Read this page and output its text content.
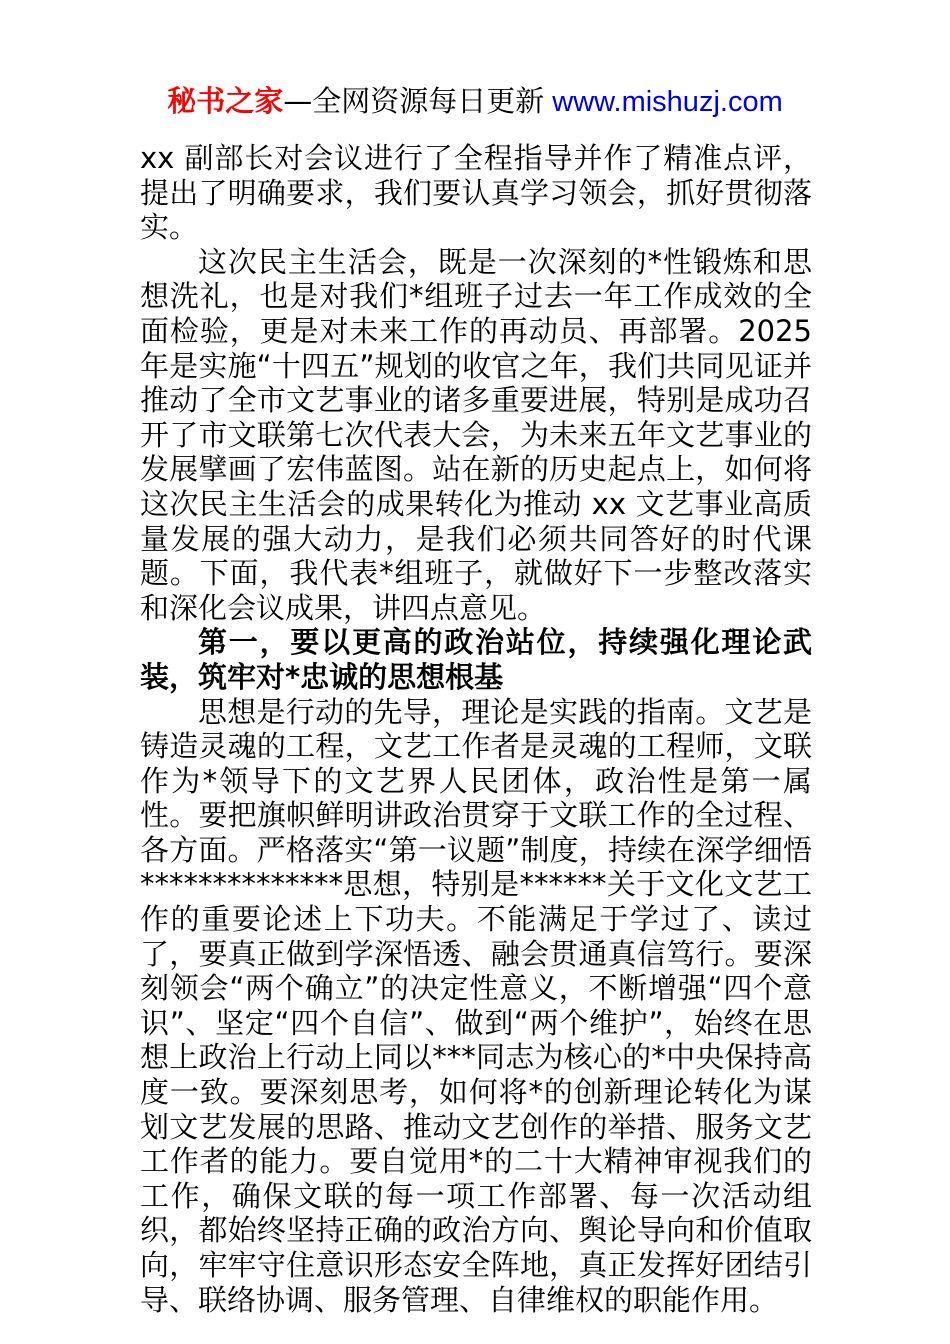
秘书之家—全网资源每日更新 www.mishuzj.com

xx 副部长对会议进行了全程指导并作了精准点评，提出了明确要求，我们要认真学习领会，抓好贯彻落实。

这次民主生活会，既是一次深刻的*性锻炼和思想洗礼，也是对我们*组班子过去一年工作成效的全面检验，更是对未来工作的再动员、再部署。2025 年是实施“十四五”规划的收官之年，我们共同见证并推动了全市文艺事业的诸多重要进展，特别是成功召开了市文联第七次代表大会，为未来五年文艺事业的发展擘画了宏伟蓝图。站在新的历史起点上，如何将这次民主生活会的成果转化为推动 xx 文艺事业高质量发展的强大动力，是我们必须共同答好的时代课题。下面，我代表*组班子，就做好下一步整改落实和深化会议成果，讲四点意见。

第一，要以更高的政治站位，持续强化理论武装，筑牢对*忠诚的思想根基

思想是行动的先导，理论是实践的指南。文艺是铸造灵魂的工程，文艺工作者是灵魂的工程师，文联作为*领导下的文艺界人民团体，政治性是第一属性。要把旗帜鲜明讲政治贯穿于文联工作的全过程、各方面。严格落实“第一议题”制度，持续在深学细悟**************思想，特别是******关于文化文艺工作的重要论述上下功夫。不能满足于学过了、读过了，要真正做到学深悟透、融会贯通真信笃行。要深刻领会“两个确立”的决定性意义，不断增强“四个意识”、坚定“四个自信”、做到“两个维护”，始终在思想上政治上行动上同以***同志为核心的*中央保持高度一致。要深刻思考，如何将*的创新理论转化为谋划文艺发展的思路、推动文艺创作的举措、服务文艺工作者的能力。要自觉用*的二十大精神审视我们的工作，确保文联的每一项工作部署、每一次活动组织，都始终坚持正确的政治方向、舆论导向和价值取向，牢牢守住意识形态安全阵地，真正发挥好团结引导、联络协调、服务管理、自律维权的职能作用。
